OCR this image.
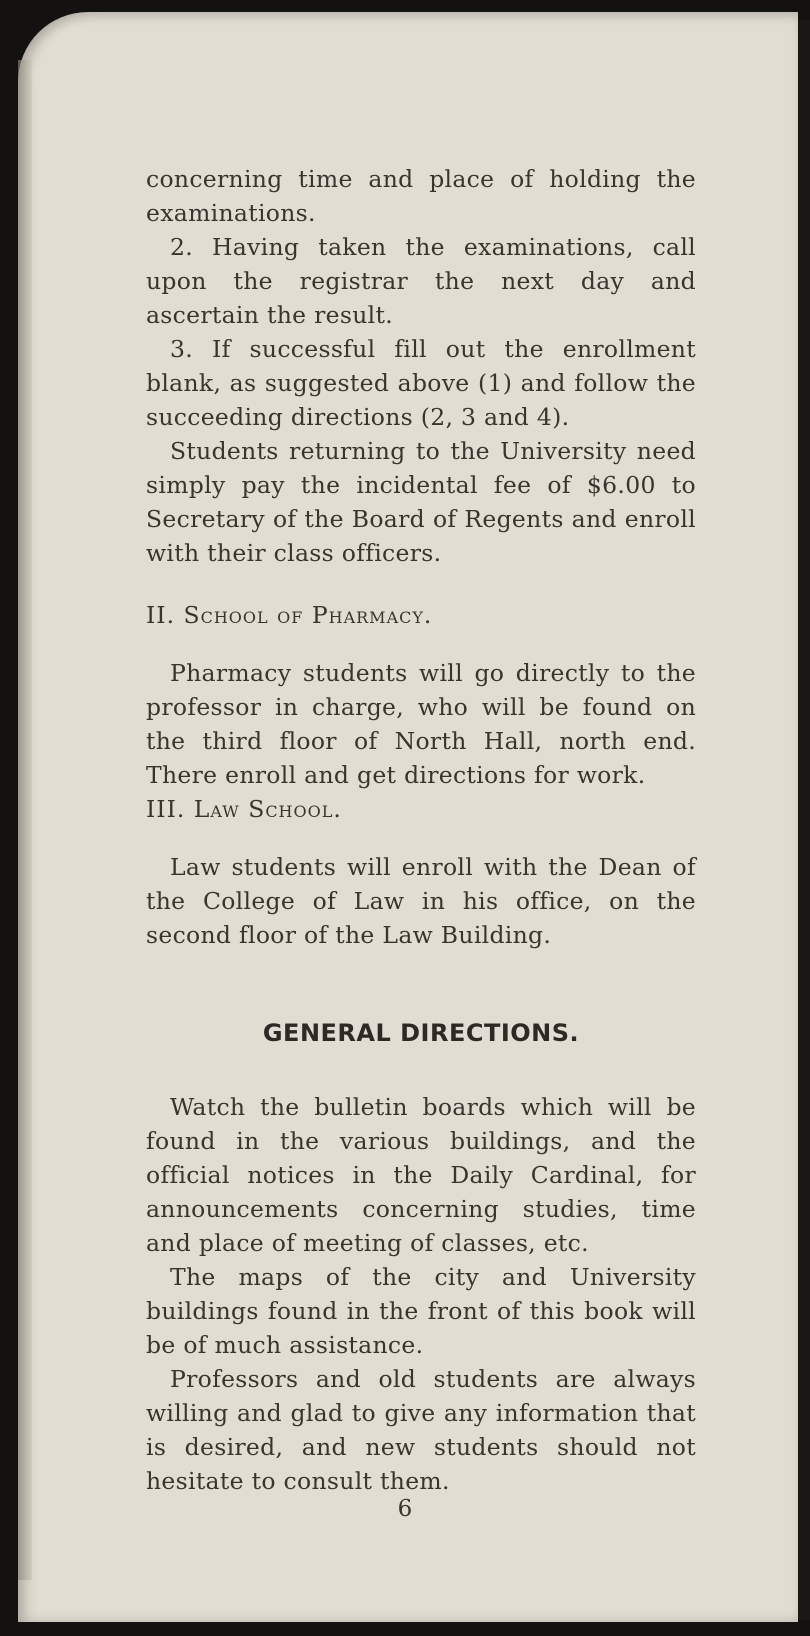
concerning time and place of holding the examinations.

2. Having taken the examinations, call upon the registrar the next day and ascertain the result.

3. If successful fill out the enrollment blank, as suggested above (1) and follow the succeeding directions (2, 3 and 4).

Students returning to the University need simply pay the incidental fee of $6.00 to Secretary of the Board of Regents and enroll with their class officers.

II. School of Pharmacy.

Pharmacy students will go directly to the professor in charge, who will be found on the third floor of North Hall, north end. There enroll and get directions for work.

III. Law School.

Law students will enroll with the Dean of the College of Law in his office, on the second floor of the Law Building.

GENERAL DIRECTIONS.

Watch the bulletin boards which will be found in the various buildings, and the official notices in the Daily Cardinal, for announcements concerning studies, time and place of meeting of classes, etc.

The maps of the city and University buildings found in the front of this book will be of much assistance.

Professors and old students are always willing and glad to give any information that is desired, and new students should not hesitate to consult them.

6
